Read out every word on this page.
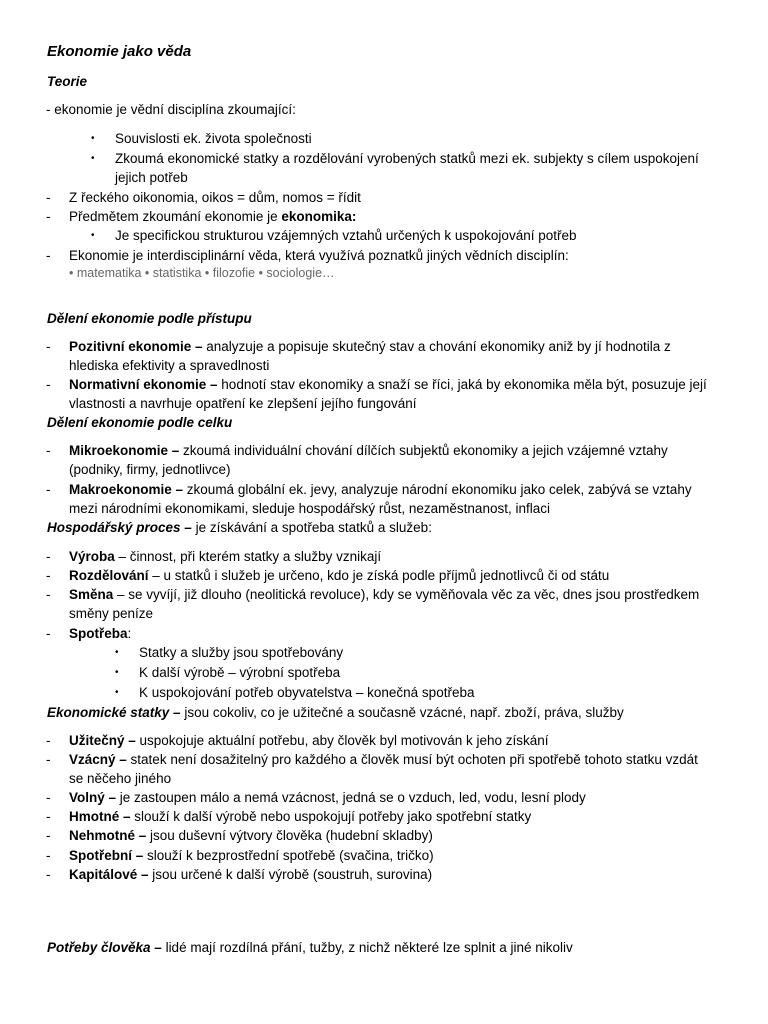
Ekonomie jako věda
Teorie
- ekonomie je vědní disciplína zkoumající:
• Souvislosti ek. života společnosti
• Zkoumá ekonomické statky a rozdělování vyrobených statků mezi ek. subjekty s cílem uspokojení
jejich potřeb
-	Z řeckého oikonomia, oikos = dům, nomos = řídit
-	Předmětem zkoumání ekonomie je ekonomika:
• Je specifickou strukturou vzájemných vztahů určených k uspokojování potřeb
-	Ekonomie je interdisciplinární věda, která využívá poznatků jiných vědních disciplín:
• matematika • statistika • filozofie • sociologie…
Dělení ekonomie podle přístupu
-	Pozitivní ekonomie – analyzuje a popisuje skutečný stav a chování ekonomiky aniž by jí hodnotila z
hlediska efektivity a spravedlnosti
-	Normativní ekonomie – hodnotí stav ekonomiky a snaží se říci, jaká by ekonomika měla být, posuzuje její
vlastnosti a navrhuje opatření ke zlepšení jejího fungování
Dělení ekonomie podle celku
-	Mikroekonomie – zkoumá individuální chování dílčích subjektů ekonomiky a jejich vzájemné vztahy
(podniky, firmy, jednotlivce)
-	Makroekonomie – zkoumá globální ek. jevy, analyzuje národní ekonomiku jako celek, zabývá se vztahy
mezi národními ekonomikami, sleduje hospodářský růst, nezaměstnanost, inflaci
Hospodářský proces – je získávání a spotřeba statků a služeb:
-	Výroba – činnost, při kterém statky a služby vznikají
-	Rozdělování – u statků i služeb je určeno, kdo je získá podle příjmů jednotlivců či od státu
-	Směna – se vyvíjí, již dlouho (neolitická revoluce), kdy se vyměňovala věc za věc, dnes jsou prostředkem
směny peníze
-	Spotřeba:
• Statky a služby jsou spotřebovány
• K další výrobě – výrobní spotřeba
• K uspokojování potřeb obyvatelstva – konečná spotřeba
Ekonomické statky – jsou cokoliv, co je užitečné a současně vzácné, např. zboží, práva, služby
-	Užitečný – uspokojuje aktuální potřebu, aby člověk byl motivován k jeho získání
-	Vzácný – statek není dosažitelný pro každého a člověk musí být ochoten při spotřebě tohoto statku vzdát
se něčeho jiného
-	Volný – je zastoupen málo a nemá vzácnost, jedná se o vzduch, led, vodu, lesní plody
-	Hmotné – slouží k další výrobě nebo uspokojují potřeby jako spotřební statky
-	Nehmotné – jsou duševní výtvory člověka (hudební skladby)
-	Spotřební – slouží k bezprostřední spotřebě (svačina, tričko)
-	Kapitálové – jsou určené k další výrobě (soustruh, surovina)
Potřeby člověka – lidé mají rozdílná přání, tužby, z nichž některé lze splnit a jiné nikoliv
